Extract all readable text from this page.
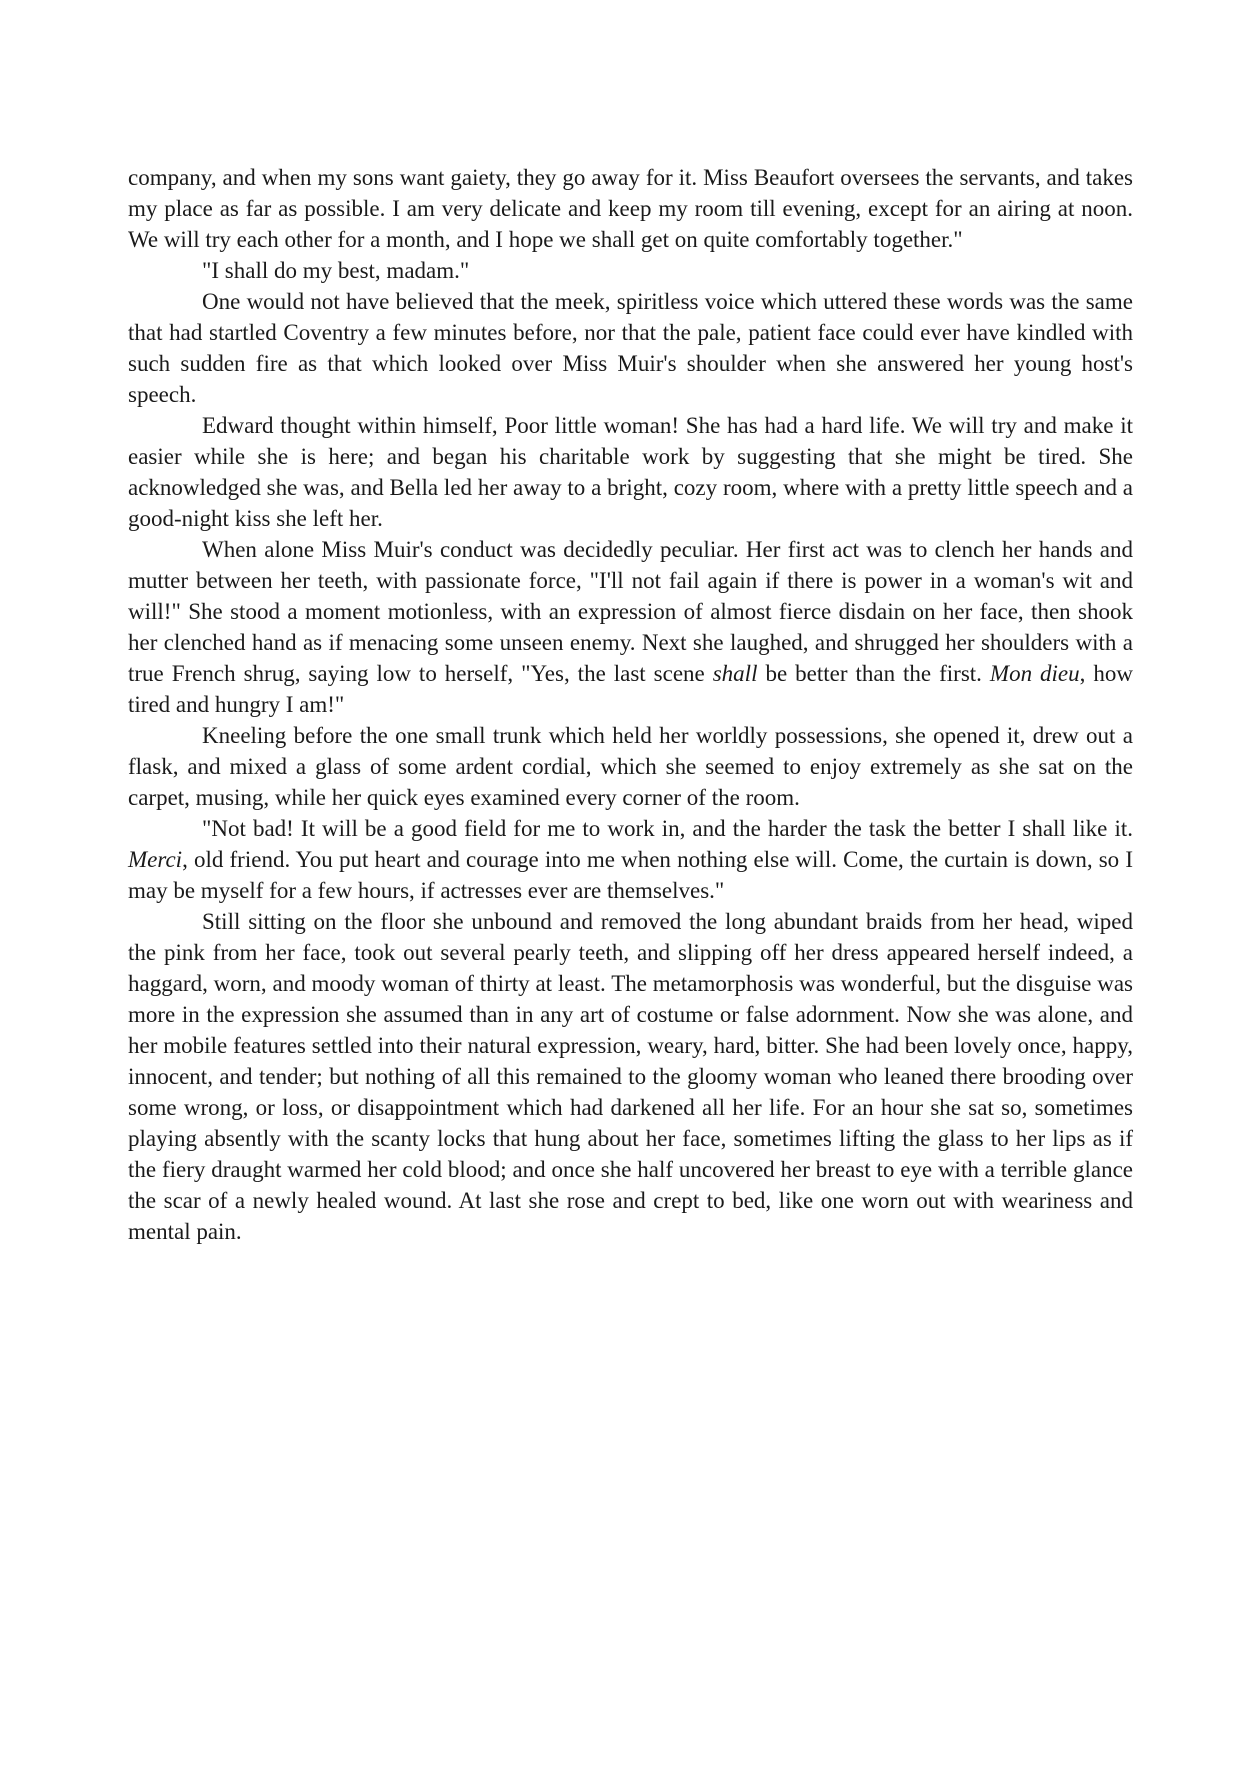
company, and when my sons want gaiety, they go away for it. Miss Beaufort oversees the servants, and takes my place as far as possible. I am very delicate and keep my room till evening, except for an airing at noon. We will try each other for a month, and I hope we shall get on quite comfortably together."

"I shall do my best, madam."

One would not have believed that the meek, spiritless voice which uttered these words was the same that had startled Coventry a few minutes before, nor that the pale, patient face could ever have kindled with such sudden fire as that which looked over Miss Muir's shoulder when she answered her young host's speech.

Edward thought within himself, Poor little woman! She has had a hard life. We will try and make it easier while she is here; and began his charitable work by suggesting that she might be tired. She acknowledged she was, and Bella led her away to a bright, cozy room, where with a pretty little speech and a good-night kiss she left her.

When alone Miss Muir's conduct was decidedly peculiar. Her first act was to clench her hands and mutter between her teeth, with passionate force, "I'll not fail again if there is power in a woman's wit and will!" She stood a moment motionless, with an expression of almost fierce disdain on her face, then shook her clenched hand as if menacing some unseen enemy. Next she laughed, and shrugged her shoulders with a true French shrug, saying low to herself, "Yes, the last scene shall be better than the first. Mon dieu, how tired and hungry I am!"

Kneeling before the one small trunk which held her worldly possessions, she opened it, drew out a flask, and mixed a glass of some ardent cordial, which she seemed to enjoy extremely as she sat on the carpet, musing, while her quick eyes examined every corner of the room.

"Not bad! It will be a good field for me to work in, and the harder the task the better I shall like it. Merci, old friend. You put heart and courage into me when nothing else will. Come, the curtain is down, so I may be myself for a few hours, if actresses ever are themselves."

Still sitting on the floor she unbound and removed the long abundant braids from her head, wiped the pink from her face, took out several pearly teeth, and slipping off her dress appeared herself indeed, a haggard, worn, and moody woman of thirty at least. The metamorphosis was wonderful, but the disguise was more in the expression she assumed than in any art of costume or false adornment. Now she was alone, and her mobile features settled into their natural expression, weary, hard, bitter. She had been lovely once, happy, innocent, and tender; but nothing of all this remained to the gloomy woman who leaned there brooding over some wrong, or loss, or disappointment which had darkened all her life. For an hour she sat so, sometimes playing absently with the scanty locks that hung about her face, sometimes lifting the glass to her lips as if the fiery draught warmed her cold blood; and once she half uncovered her breast to eye with a terrible glance the scar of a newly healed wound. At last she rose and crept to bed, like one worn out with weariness and mental pain.
